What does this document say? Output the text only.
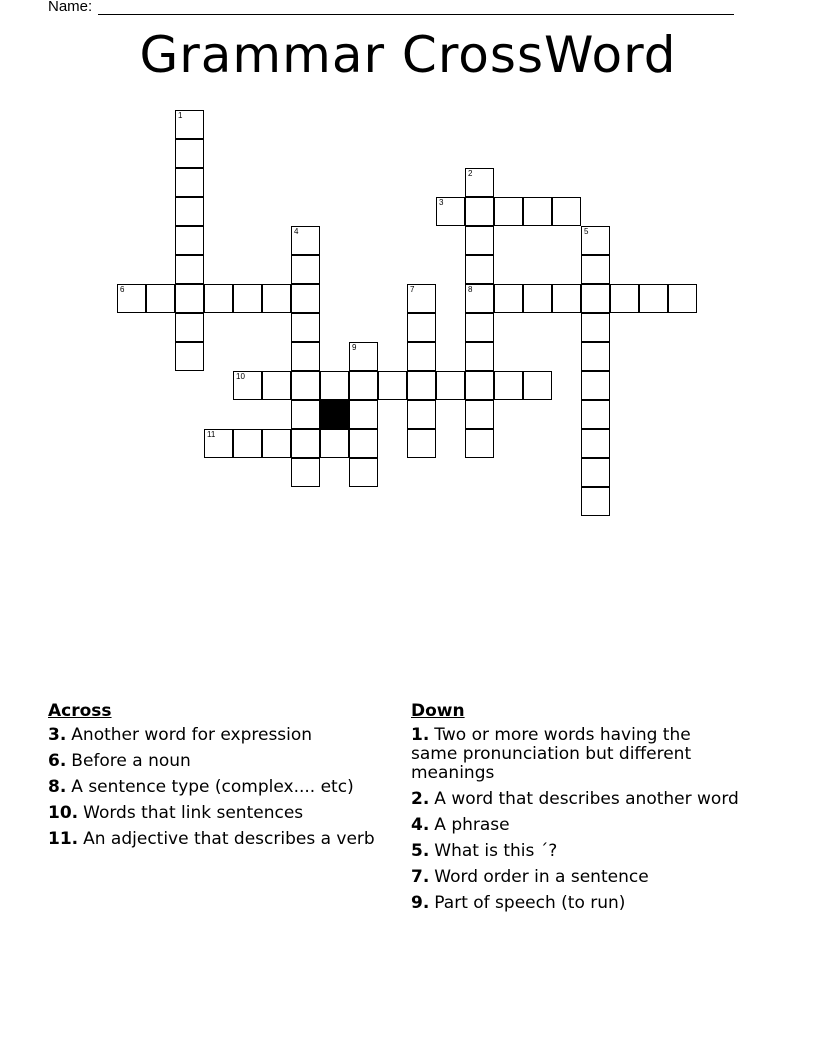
Name:
Grammar CrossWord
1
2
8
3
4	5
6	7
9
10
11
Across
3. Another word for expression
6. Before a noun
8. A sentence type (complex.... etc)
10. Words that link sentences
11. An adjective that describes a verb
Down
1. Two or more words having the same pronunciation but different meanings
2. A word that describes another word
4. A phrase
5. What is this ´?
7. Word order in a sentence
9. Part of speech (to run)
